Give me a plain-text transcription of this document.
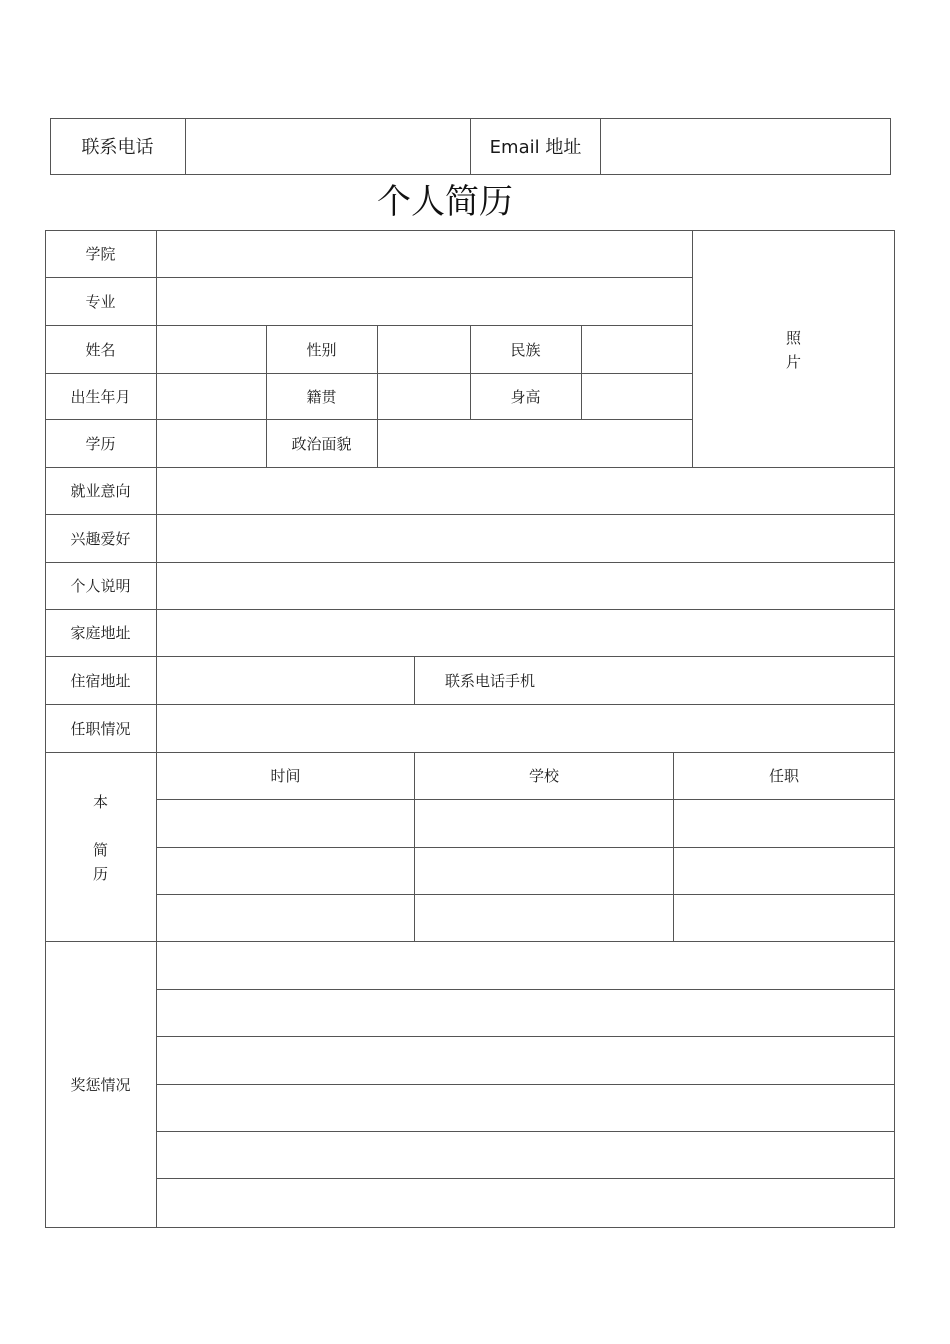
联系电话	Email 地址
个人简历
学院
专业
姓名	性别	民族
出生年月	籍贯	身高
学历	政治面貌
照
片
就业意向
兴趣爱好
个人说明
家庭地址
住宿地址	联系电话手机
任职情况
本
简
历
时间	学校	任职
奖惩情况
